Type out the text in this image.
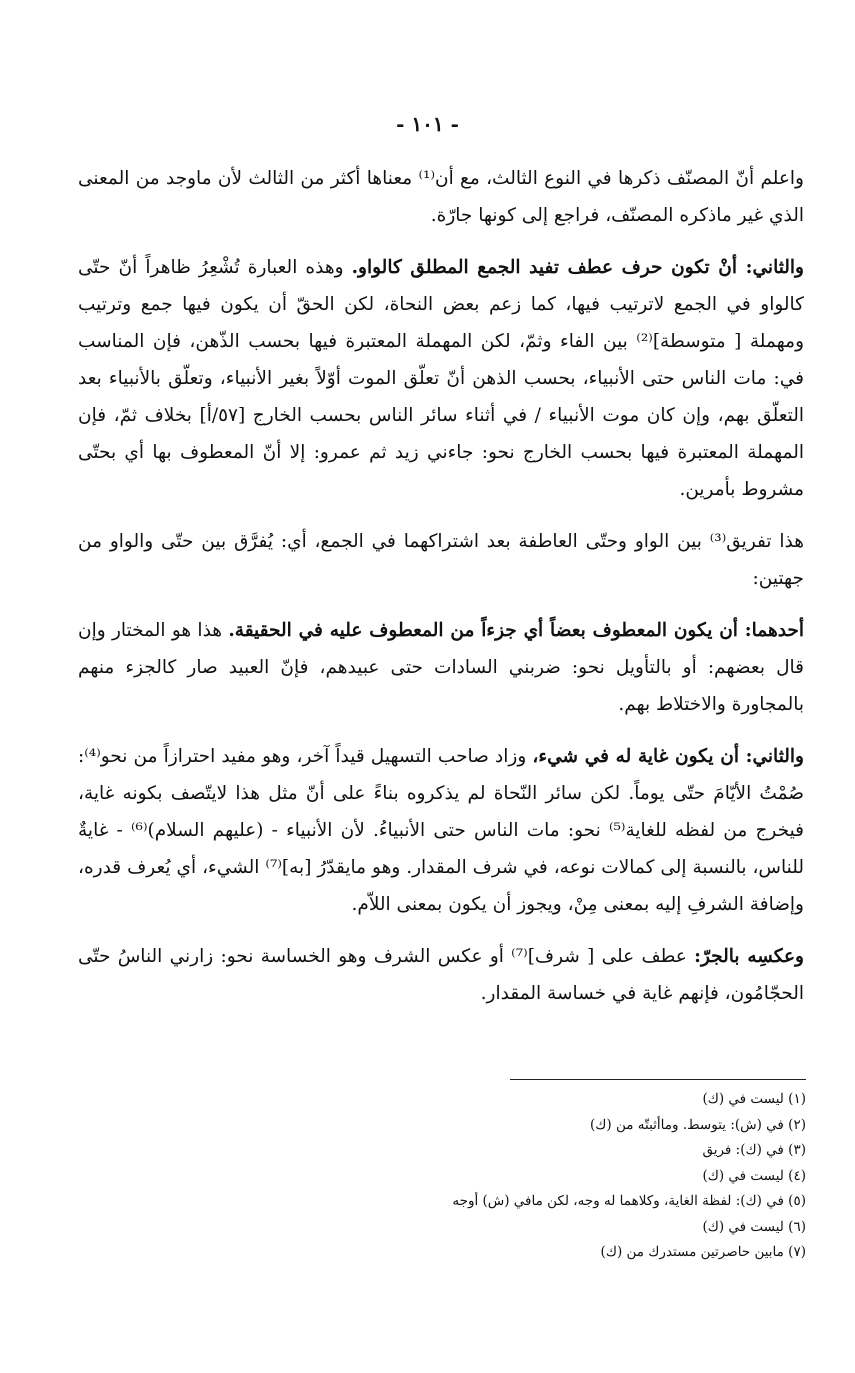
- ١٠١ -

واعلم أنّ المصنّف ذكرها في النوع الثالث، مع أن⁽¹⁾ معناها أكثر من الثالث لأن ماوجد من المعنى الذي غير ماذكره المصنّف، فراجع إلى كونها جارّة.

والثاني: أنْ تكون حرف عطف تفيد الجمع المطلق كالواو. وهذه العبارة تُشْعِرُ ظاهراً أنّ حتّى كالواو في الجمع لاترتيب فيها، كما زعم بعض النحاة، لكن الحقّ أن يكون فيها جمع وترتيب ومهملة [ متوسطة]⁽²⁾ بين الفاء وثمّ، لكن المهملة المعتبرة فيها بحسب الذّهن، فإن المناسب في: مات الناس حتى الأنبياء، بحسب الذهن أنّ تعلّق الموت أوّلاً بغير الأنبياء، وتعلّق بالأنبياء بعد التعلّق بهم، وإن كان موت الأنبياء / في أثناء سائر الناس بحسب الخارج [٥٧/أ] بخلاف ثمّ، فإن المهملة المعتبرة فيها بحسب الخارج نحو: جاءني زيد ثم عمرو: إلا أنّ المعطوف بها أي بحتّى مشروط بأمرين.

هذا تفريق⁽³⁾ بين الواو وحتّى العاطفة بعد اشتراكهما في الجمع، أي: يُفرَّق بين حتّى والواو من جهتين:

أحدهما: أن يكون المعطوف بعضاً أي جزءاً من المعطوف عليه في الحقيقة. هذا هو المختار وإن قال بعضهم: أو بالتأويل نحو: ضربني السادات حتى عبيدهم، فإنّ العبيد صار كالجزء منهم بالمجاورة والاختلاط بهم.

والثاني: أن يكون غاية له في شيء، وزاد صاحب التسهيل قيداً آخر، وهو مفيد احترازاً من نحو⁽⁴⁾: صُمْتُ الأيّامَ حتّى يوماً. لكن سائر النّحاة لم يذكروه بناءً على أنّ مثل هذا لايتّصف بكونه غاية، فيخرج من لفظه للغاية⁽⁵⁾ نحو: مات الناس حتى الأنبياءُ. لأن الأنبياء - (عليهم السلام)⁽⁶⁾ - غايةٌ للناس، بالنسبة إلى كمالات نوعه، في شرف المقدار. وهو مايقدّرُ [به]⁽⁷⁾ الشيء، أي يُعرف قدره، وإضافة الشرفِ إليه بمعنى مِنْ، ويجوز أن يكون بمعنى اللاّم.

وعكسِه بالجرّ: عطف على [ شرف]⁽⁷⁾ أو عكس الشرف وهو الخساسة نحو: زارني الناسُ حتّى الحجّامُون، فإنهم غاية في خساسة المقدار.

(١) ليست في (ك)
(٢) في (ش): يتوسط. وماأثبتّه من (ك)
(٣) في (ك): فريق
(٤) ليست في (ك)
(٥) في (ك): لفظة الغاية، وكلاهما له وجه، لكن مافي (ش) أوجه
(٦) ليست في (ك)
(٧) مابين حاصرتين مستدرك من (ك)
